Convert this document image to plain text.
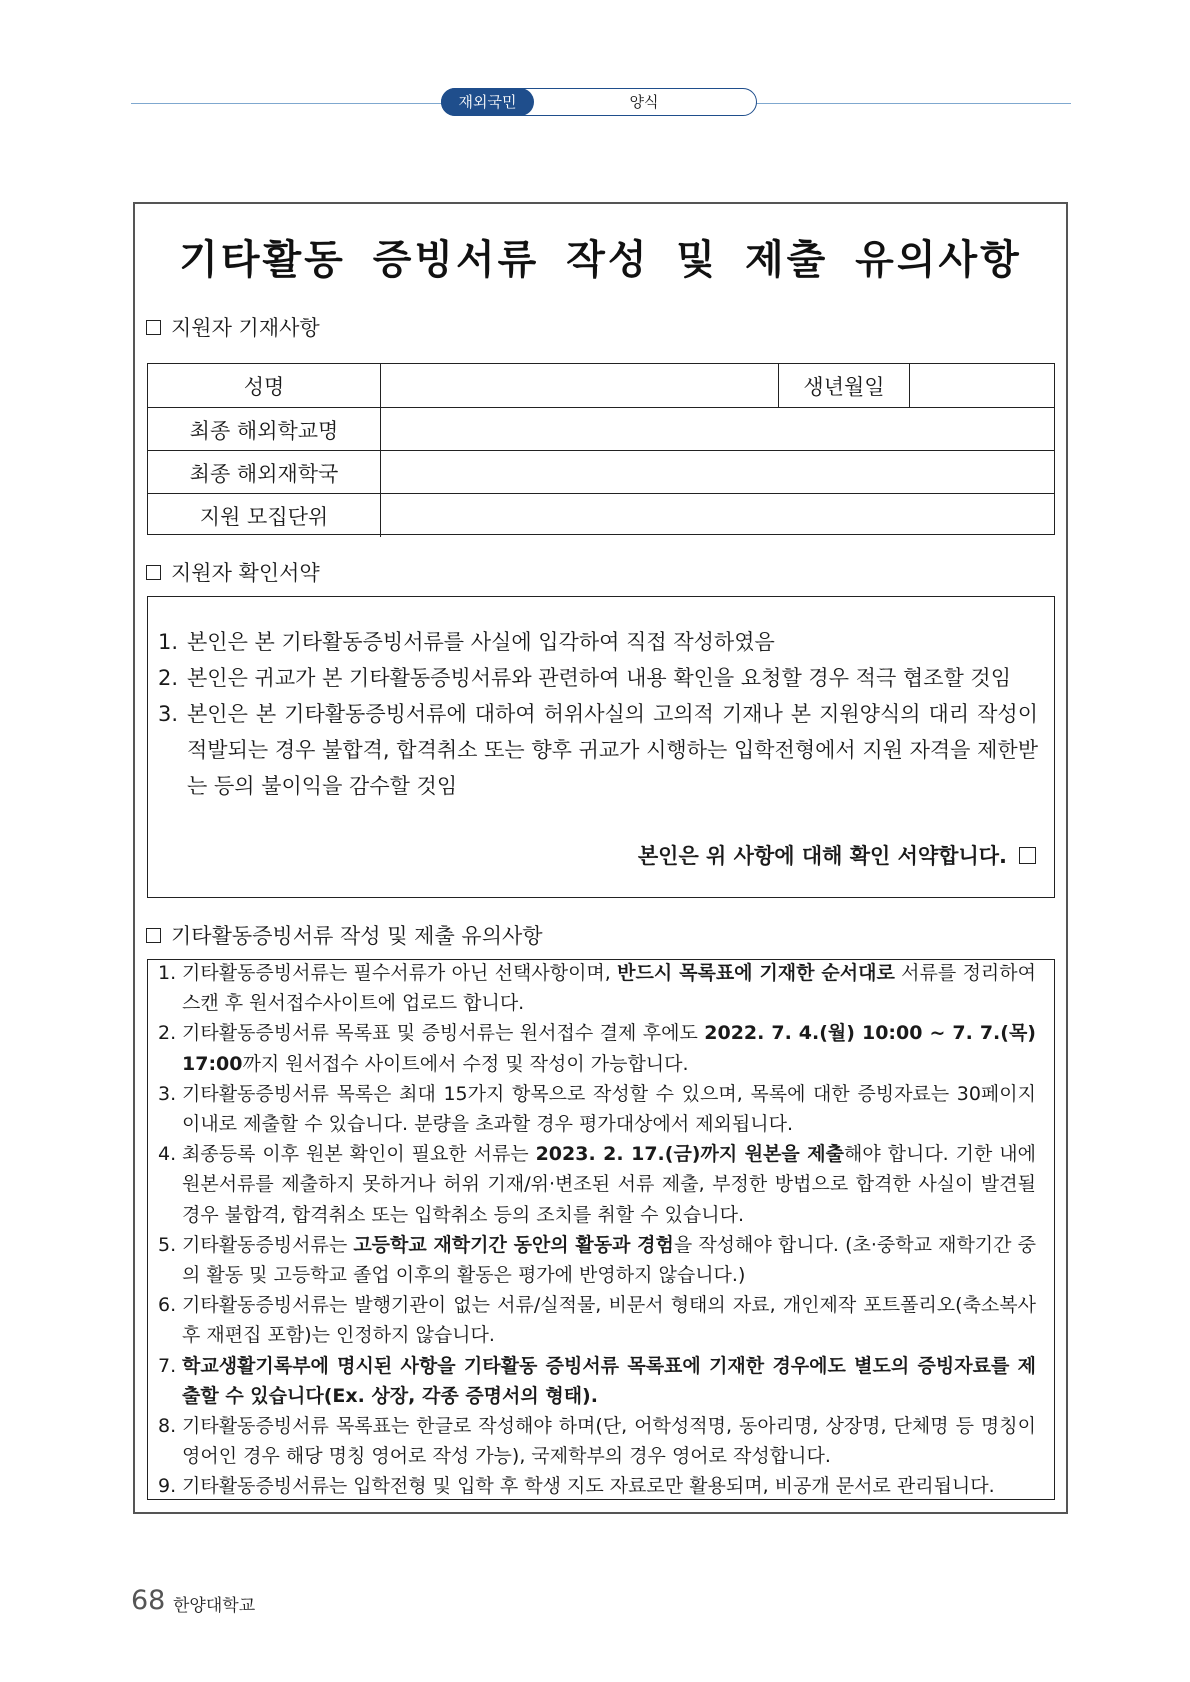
재외국민	양식
기타활동 증빙서류 작성 및 제출 유의사항
지원자 기재사항
성명	생년월일
최종 해외학교명
최종 해외재학국
지원 모집단위
지원자 확인서약
1. 본인은 본 기타활동증빙서류를 사실에 입각하여 직접 작성하였음
2. 본인은 귀교가 본 기타활동증빙서류와 관련하여 내용 확인을 요청할 경우 적극 협조할 것임
3. 본인은 본 기타활동증빙서류에 대하여 허위사실의 고의적 기재나 본 지원양식의 대리 작성이 적발되는 경우 불합격, 합격취소 또는 향후 귀교가 시행하는 입학전형에서 지원 자격을 제한받는 등의 불이익을 감수할 것임
본인은 위 사항에 대해 확인 서약합니다.
기타활동증빙서류 작성 및 제출 유의사항
1. 기타활동증빙서류는 필수서류가 아닌 선택사항이며, 반드시 목록표에 기재한 순서대로 서류를 정리하여 스캔 후 원서접수사이트에 업로드 합니다.
2. 기타활동증빙서류 목록표 및 증빙서류는 원서접수 결제 후에도 2022. 7. 4.(월) 10:00 ~ 7. 7.(목) 17:00까지 원서접수 사이트에서 수정 및 작성이 가능합니다.
3. 기타활동증빙서류 목록은 최대 15가지 항목으로 작성할 수 있으며, 목록에 대한 증빙자료는 30페이지 이내로 제출할 수 있습니다. 분량을 초과할 경우 평가대상에서 제외됩니다.
4. 최종등록 이후 원본 확인이 필요한 서류는 2023. 2. 17.(금)까지 원본을 제출해야 합니다. 기한 내에 원본서류를 제출하지 못하거나 허위 기재/위·변조된 서류 제출, 부정한 방법으로 합격한 사실이 발견될 경우 불합격, 합격취소 또는 입학취소 등의 조치를 취할 수 있습니다.
5. 기타활동증빙서류는 고등학교 재학기간 동안의 활동과 경험을 작성해야 합니다. (초·중학교 재학기간 중의 활동 및 고등학교 졸업 이후의 활동은 평가에 반영하지 않습니다.)
6. 기타활동증빙서류는 발행기관이 없는 서류/실적물, 비문서 형태의 자료, 개인제작 포트폴리오(축소복사 후 재편집 포함)는 인정하지 않습니다.
7. 학교생활기록부에 명시된 사항을 기타활동 증빙서류 목록표에 기재한 경우에도 별도의 증빙자료를 제출할 수 있습니다(Ex. 상장, 각종 증명서의 형태).
8. 기타활동증빙서류 목록표는 한글로 작성해야 하며(단, 어학성적명, 동아리명, 상장명, 단체명 등 명칭이 영어인 경우 해당 명칭 영어로 작성 가능), 국제학부의 경우 영어로 작성합니다.
9. 기타활동증빙서류는 입학전형 및 입학 후 학생 지도 자료로만 활용되며, 비공개 문서로 관리됩니다.
68 한양대학교
